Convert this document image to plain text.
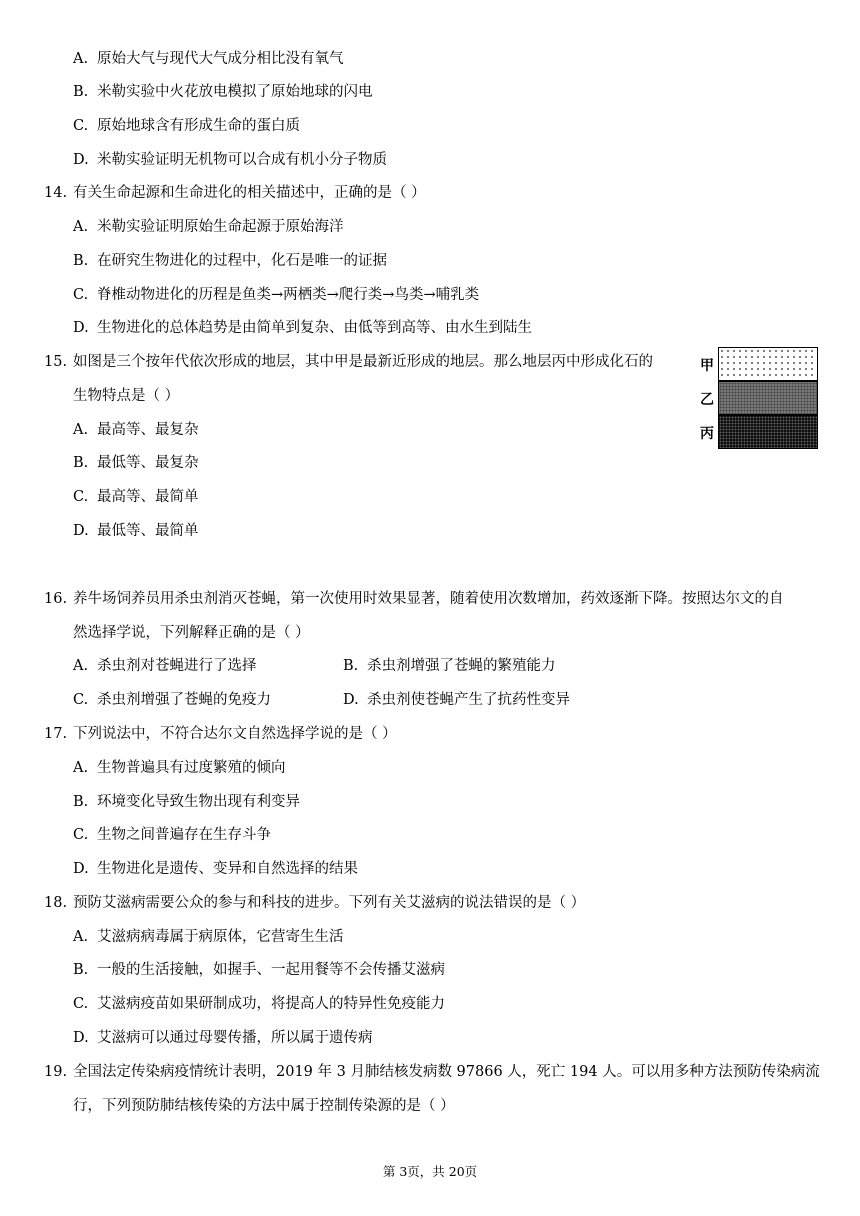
A. 原始大气与现代大气成分相比没有氧气
B. 米勒实验中火花放电模拟了原始地球的闪电
C. 原始地球含有形成生命的蛋白质
D. 米勒实验证明无机物可以合成有机小分子物质
14. 有关生命起源和生命进化的相关描述中，正确的是（ ）
A. 米勒实验证明原始生命起源于原始海洋
B. 在研究生物进化的过程中，化石是唯一的证据
C. 脊椎动物进化的历程是鱼类→两栖类→爬行类→鸟类→哺乳类
D. 生物进化的总体趋势是由简单到复杂、由低等到高等、由水生到陆生
15. 如图是三个按年代依次形成的地层，其中甲是最新近形成的地层。那么地层丙中形成化石的
生物特点是（ ）
A. 最高等、最复杂
B. 最低等、最复杂
C. 最高等、最简单
D. 最低等、最简单
甲
乙
丙
16. 养牛场饲养员用杀虫剂消灭苍蝇，第一次使用时效果显著，随着使用次数增加，药效逐渐下降。按照达尔文的自
然选择学说，下列解释正确的是（ ）
A. 杀虫剂对苍蝇进行了选择	B. 杀虫剂增强了苍蝇的繁殖能力
C. 杀虫剂增强了苍蝇的免疫力	D. 杀虫剂使苍蝇产生了抗药性变异
17. 下列说法中，不符合达尔文自然选择学说的是（ ）
A. 生物普遍具有过度繁殖的倾向
B. 环境变化导致生物出现有利变异
C. 生物之间普遍存在生存斗争
D. 生物进化是遗传、变异和自然选择的结果
18. 预防艾滋病需要公众的参与和科技的进步。下列有关艾滋病的说法错误的是（ ）
A. 艾滋病病毒属于病原体，它营寄生生活
B. 一般的生活接触，如握手、一起用餐等不会传播艾滋病
C. 艾滋病疫苗如果研制成功，将提高人的特异性免疫能力
D. 艾滋病可以通过母婴传播，所以属于遗传病
19. 全国法定传染病疫情统计表明，2019 年 3 月肺结核发病数 97866 人，死亡 194 人。可以用多种方法预防传染病流
行，下列预防肺结核传染的方法中属于控制传染源的是（ ）
第 3页，共 20页
